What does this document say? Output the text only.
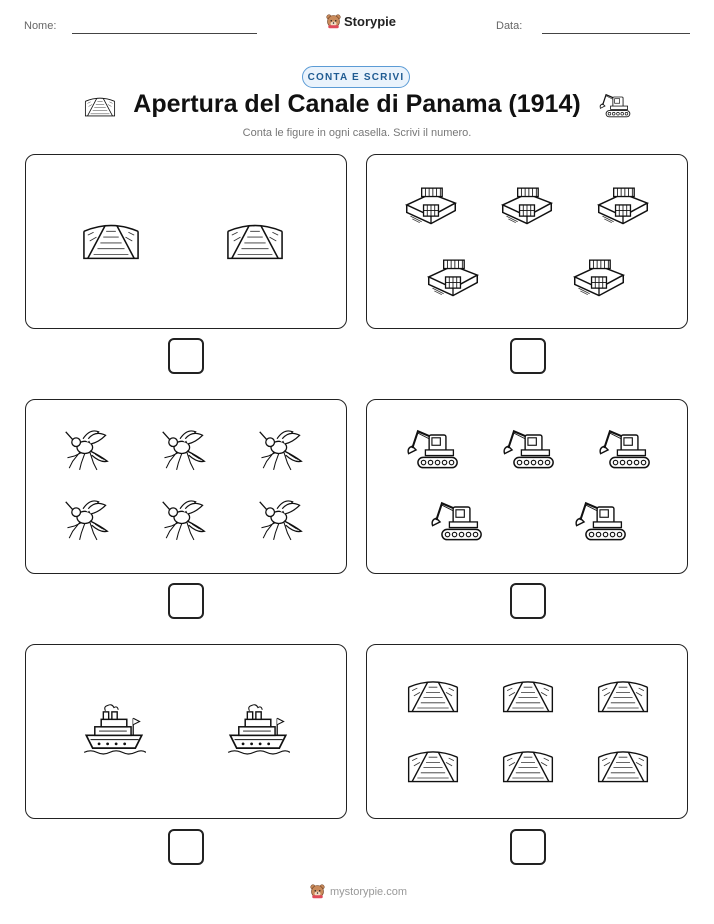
Nome:	Storypie	Data:
CONTA E SCRIVI
Apertura del Canale di Panama (1914)
Conta le figure in ogni casella. Scrivi il numero.
mystorypie.com
